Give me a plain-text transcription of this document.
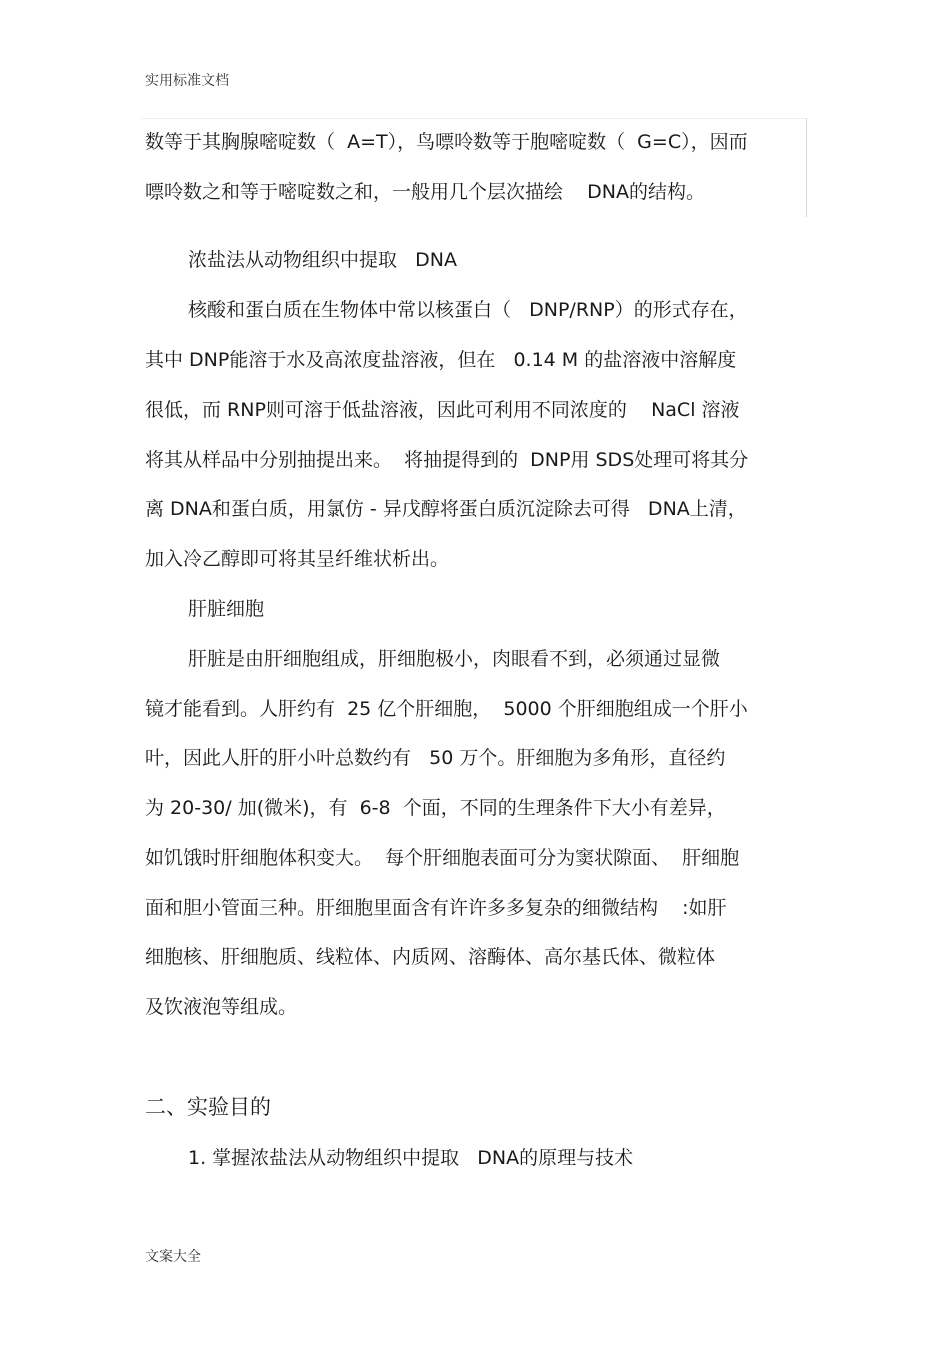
实用标准文档
数等于其胸腺嘧啶数（  A=T），鸟嘌呤数等于胞嘧啶数（  G=C），因而
嘌呤数之和等于嘧啶数之和，一般用几个层次描绘    DNA的结构。
浓盐法从动物组织中提取   DNA
核酸和蛋白质在生物体中常以核蛋白（   DNP/RNP）的形式存在，
其中 DNP能溶于水及高浓度盐溶液，但在   0.14 M 的盐溶液中溶解度
很低，而 RNP则可溶于低盐溶液，因此可利用不同浓度的    NaCl 溶液
将其从样品中分别抽提出来。  将抽提得到的  DNP用 SDS处理可将其分
离 DNA和蛋白质，用氯仿 - 异戊醇将蛋白质沉淀除去可得   DNA上清，
加入冷乙醇即可将其呈纤维状析出。
肝脏细胞
肝脏是由肝细胞组成，肝细胞极小，肉眼看不到，必须通过显微
镜才能看到。人肝约有  25 亿个肝细胞，  5000 个肝细胞组成一个肝小
叶，因此人肝的肝小叶总数约有   50 万个。肝细胞为多角形，直径约
为 20-30/ 加(微米)，有  6-8  个面，不同的生理条件下大小有差异，
如饥饿时肝细胞体积变大。  每个肝细胞表面可分为窦状隙面、  肝细胞
面和胆小管面三种。肝细胞里面含有许许多多复杂的细微结构    :如肝
细胞核、肝细胞质、线粒体、内质网、溶酶体、高尔基氏体、微粒体
及饮液泡等组成。
二、实验目的
1. 掌握浓盐法从动物组织中提取   DNA的原理与技术
文案大全
